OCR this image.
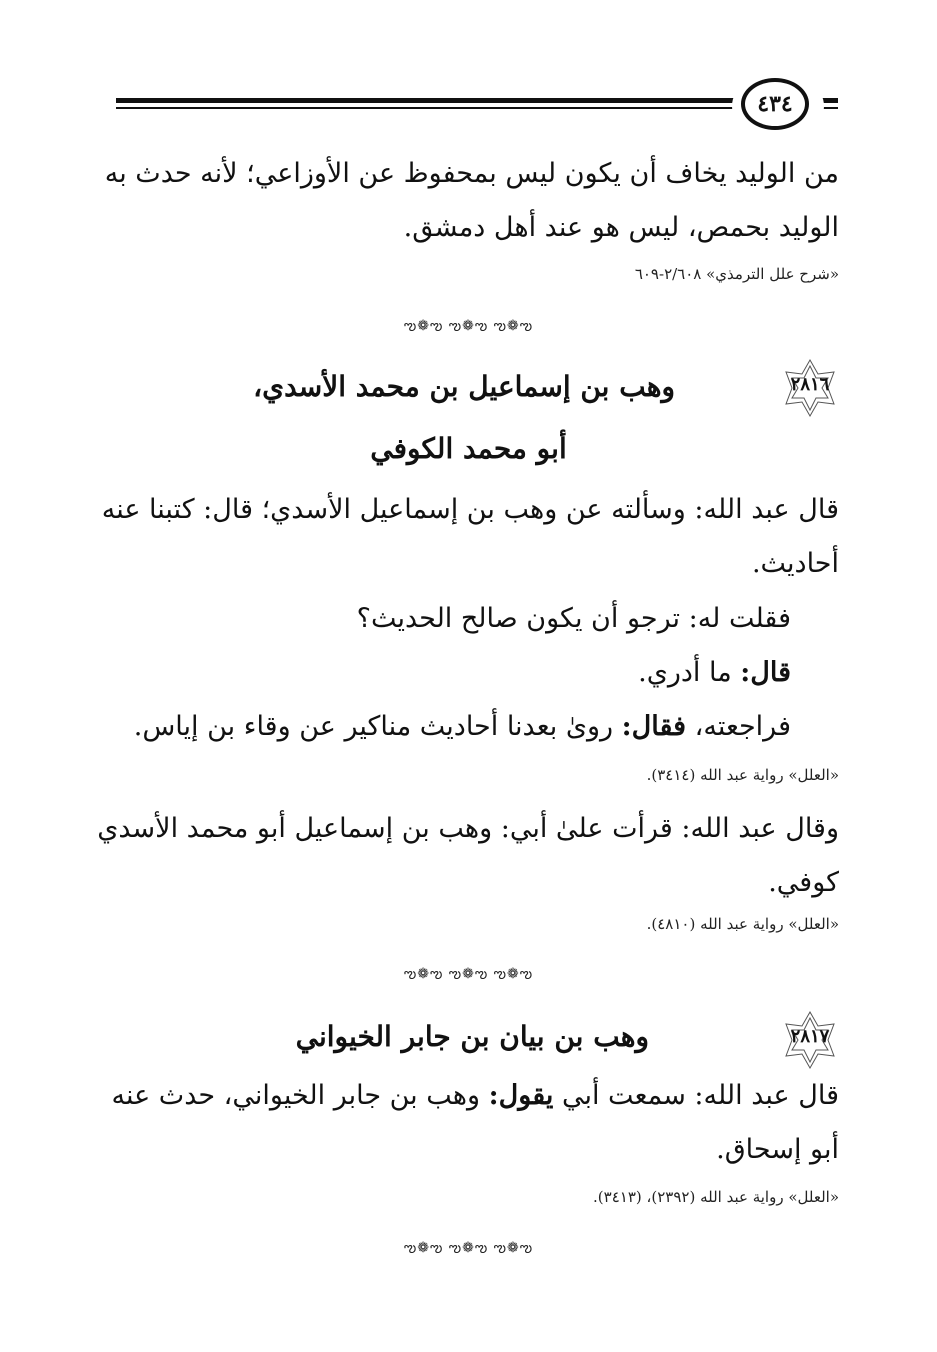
٤٣٤
من الوليد يخاف أن يكون ليس بمحفوظ عن الأوزاعي؛ لأنه حدث به
الوليد بحمص، ليس هو عند أهل دمشق.
«شرح علل الترمذي» ٢/٦٠٨-٦٠٩
ఌ❁ఌ ఌ❁ఌ ఌ❁ఌ
٢٨١٦
وهب بن إسماعيل بن محمد الأسدي،
أبو محمد الكوفي
قال عبد الله: وسألته عن وهب بن إسماعيل الأسدي؛ قال: كتبنا عنه
أحاديث.
فقلت له: ترجو أن يكون صالح الحديث؟
قال: ما أدري.
فراجعته، فقال: روىٰ بعدنا أحاديث مناكير عن وقاء بن إياس.
«العلل» رواية عبد الله (٣٤١٤).
وقال عبد الله: قرأت علىٰ أبي: وهب بن إسماعيل أبو محمد الأسدي
كوفي.
«العلل» رواية عبد الله (٤٨١٠).
ఌ❁ఌ ఌ❁ఌ ఌ❁ఌ
٢٨١٧
وهب بن بيان بن جابر الخيواني
قال عبد الله: سمعت أبي يقول: وهب بن جابر الخيواني، حدث عنه
أبو إسحاق.
«العلل» رواية عبد الله (٢٣٩٢)، (٣٤١٣).
ఌ❁ఌ ఌ❁ఌ ఌ❁ఌ
